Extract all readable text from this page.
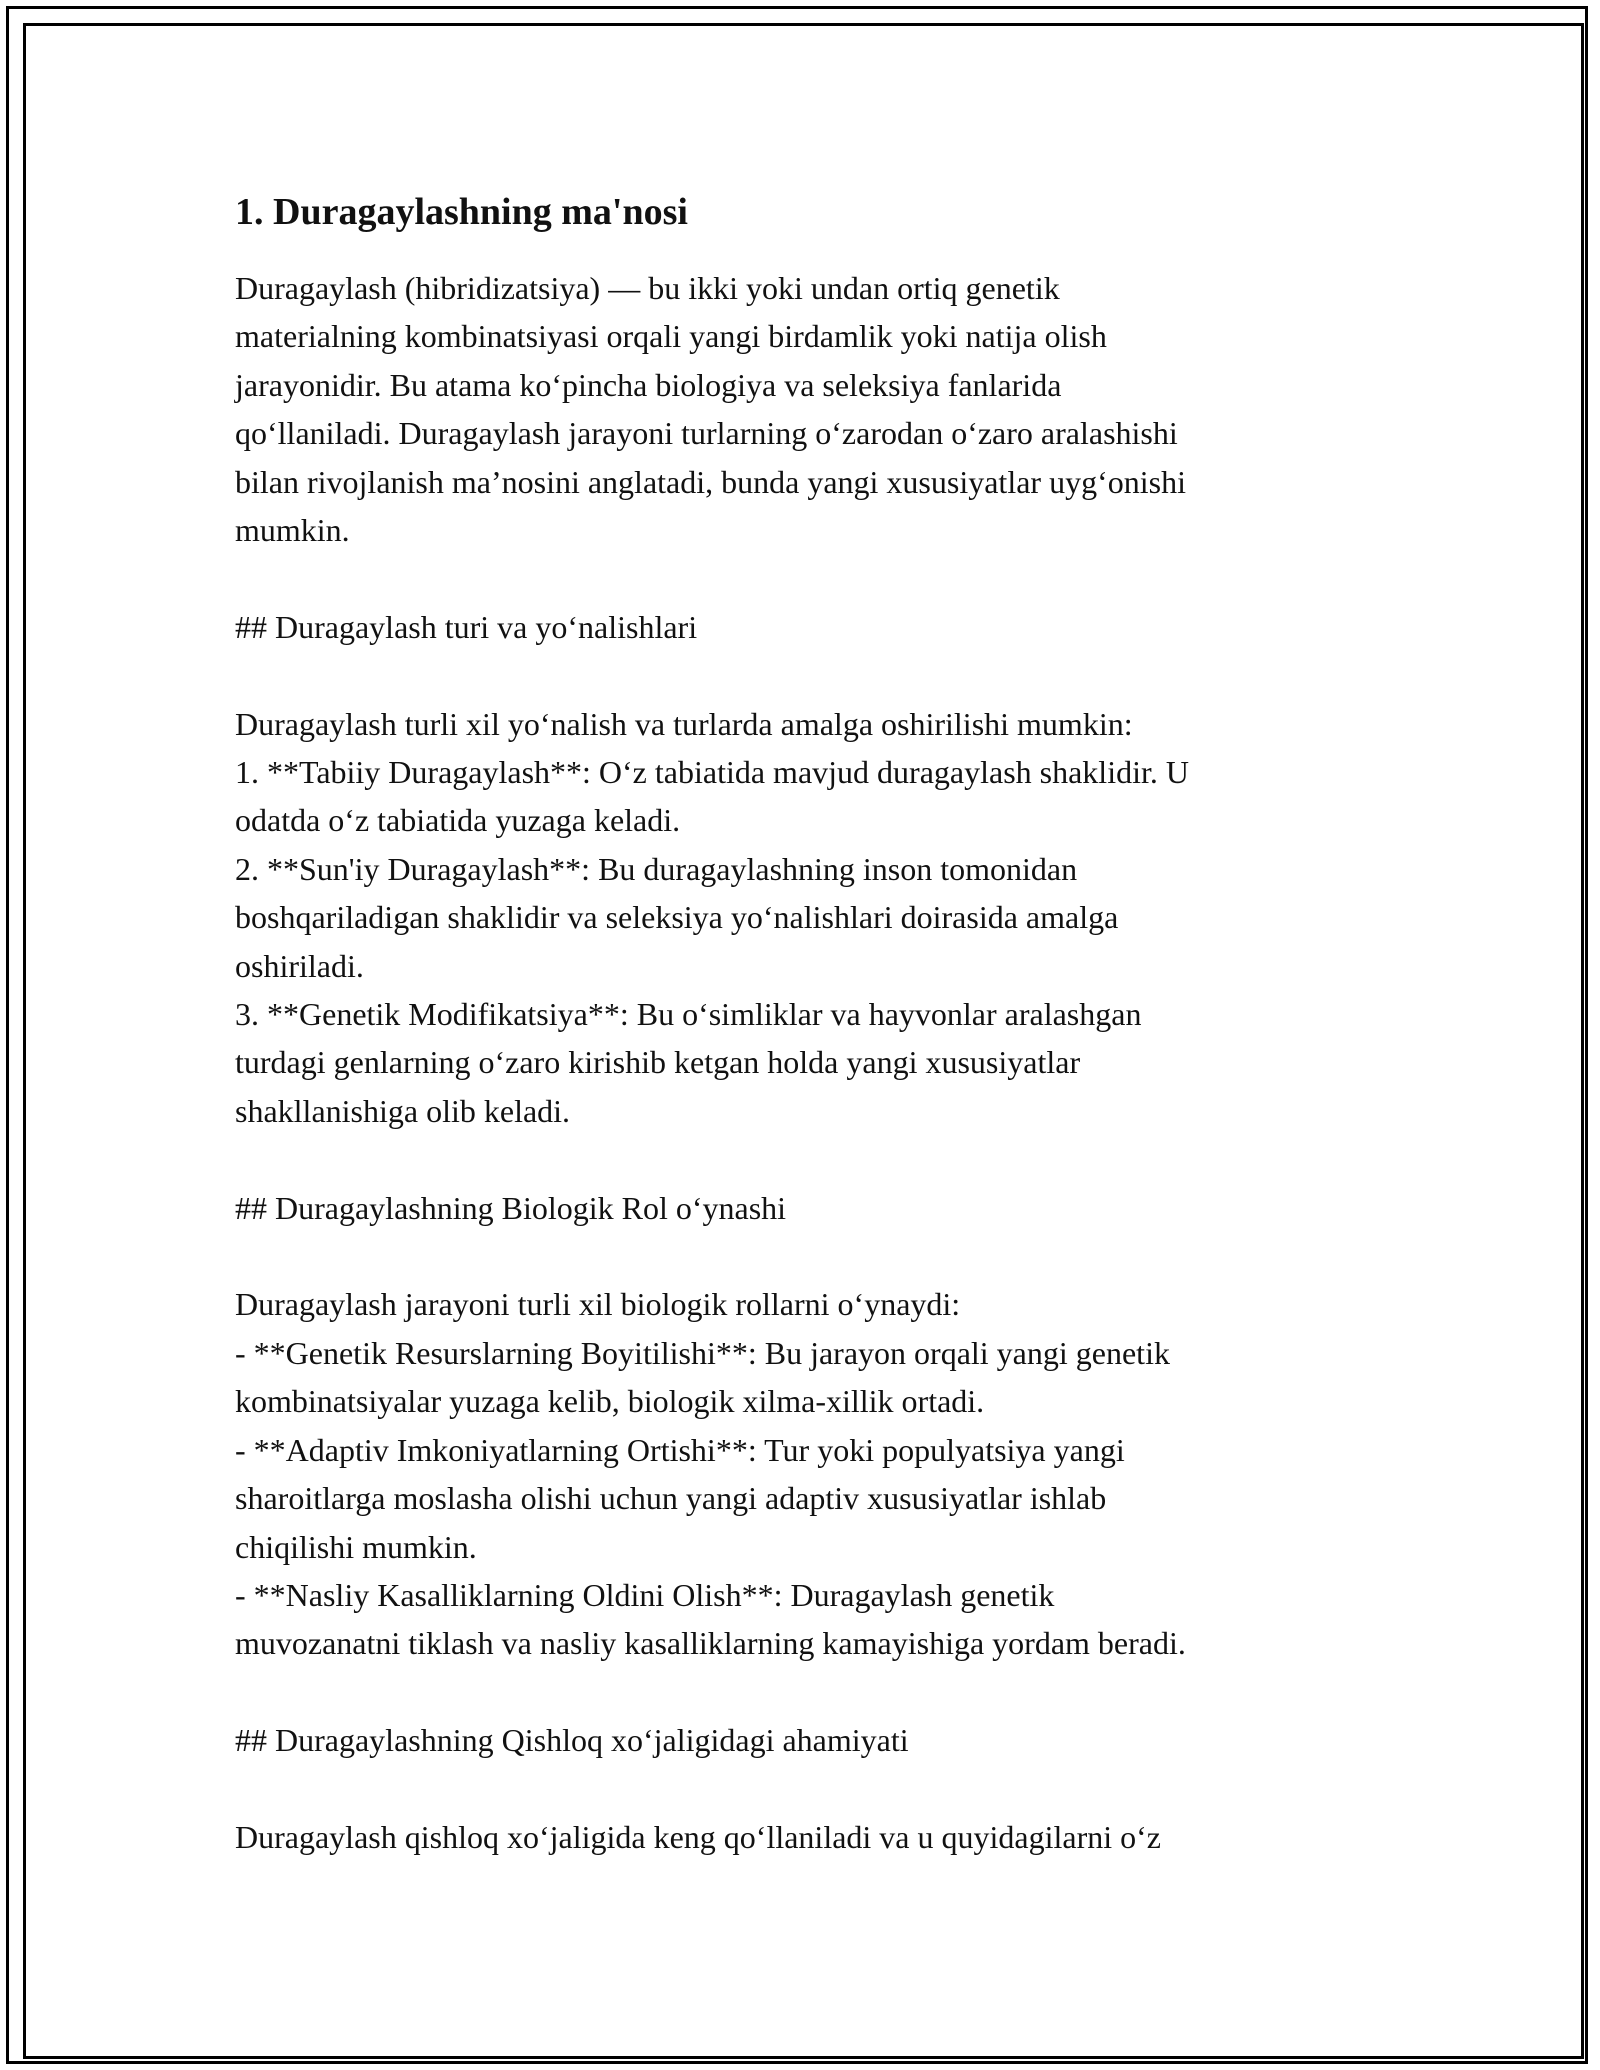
1. Duragaylashning ma'nosi
Duragaylash (hibridizatsiya) — bu ikki yoki undan ortiq genetik
materialning kombinatsiyasi orqali yangi birdamlik yoki natija olish
jarayonidir. Bu atama ko‘pincha biologiya va seleksiya fanlarida
qo‘llaniladi. Duragaylash jarayoni turlarning o‘zarodan o‘zaro aralashishi
bilan rivojlanish ma’nosini anglatadi, bunda yangi xususiyatlar uyg‘onishi
mumkin.
## Duragaylash turi va yo‘nalishlari
Duragaylash turli xil yo‘nalish va turlarda amalga oshirilishi mumkin:
1. **Tabiiy Duragaylash**: O‘z tabiatida mavjud duragaylash shaklidir. U
odatda o‘z tabiatida yuzaga keladi.
2. **Sun'iy Duragaylash**: Bu duragaylashning inson tomonidan
boshqariladigan shaklidir va seleksiya yo‘nalishlari doirasida amalga
oshiriladi.
3. **Genetik Modifikatsiya**: Bu o‘simliklar va hayvonlar aralashgan
turdagi genlarning o‘zaro kirishib ketgan holda yangi xususiyatlar
shakllanishiga olib keladi.
## Duragaylashning Biologik Rol o‘ynashi
Duragaylash jarayoni turli xil biologik rollarni o‘ynaydi:
- **Genetik Resurslarning Boyitilishi**: Bu jarayon orqali yangi genetik
kombinatsiyalar yuzaga kelib, biologik xilma-xillik ortadi.
- **Adaptiv Imkoniyatlarning Ortishi**: Tur yoki populyatsiya yangi
sharoitlarga moslasha olishi uchun yangi adaptiv xususiyatlar ishlab
chiqilishi mumkin.
- **Nasliy Kasalliklarning Oldini Olish**: Duragaylash genetik
muvozanatni tiklash va nasliy kasalliklarning kamayishiga yordam beradi.
## Duragaylashning Qishloq xo‘jaligidagi ahamiyati
Duragaylash qishloq xo‘jaligida keng qo‘llaniladi va u quyidagilarni o‘z
